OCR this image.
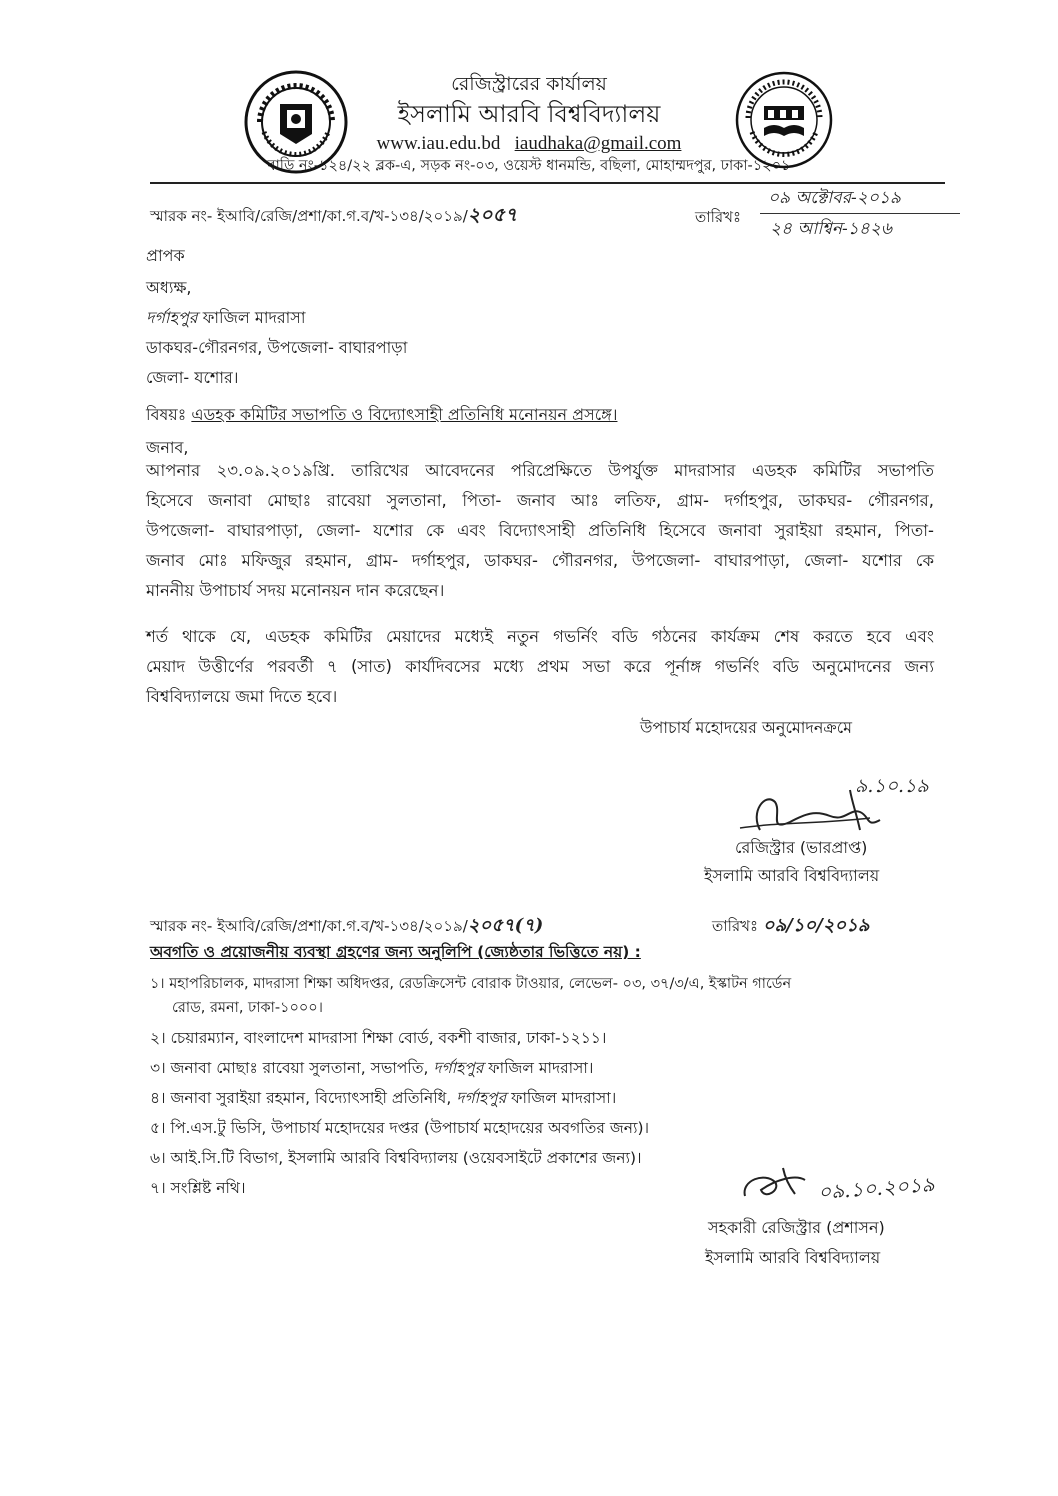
রেজিস্ট্রারের কার্যালয়
ইসলামি আরবি বিশ্ববিদ্যালয়
www.iau.edu.bd iaudhaka@gmail.com
বাড়ি নং-১২৪/২২ ব্লক-এ, সড়ক নং-০৩, ওয়েস্ট ধানমন্ডি, বছিলা, মোহাম্মদপুর, ঢাকা-১২০১
স্মারক নং- ইআবি/রেজি/প্রশা/কা.গ.ব/খ-১৩৪/২০১৯/২০৫৭	তারিখঃ
০৯ অক্টোবর-২০১৯
২৪ আশ্বিন-১৪২৬
প্রাপক
অধ্যক্ষ,
দর্গাহপুর ফাজিল মাদরাসা
ডাকঘর-গৌরনগর, উপজেলা- বাঘারপাড়া
জেলা- যশোর।
বিষয়ঃ এডহক কমিটির সভাপতি ও বিদ্যোৎসাহী প্রতিনিধি মনোনয়ন প্রসঙ্গে।
জনাব,
আপনার ২৩.০৯.২০১৯খ্রি. তারিখের আবেদনের পরিপ্রেক্ষিতে উপর্যুক্ত মাদরাসার এডহক কমিটির সভাপতি
হিসেবে জনাবা মোছাঃ রাবেয়া সুলতানা, পিতা- জনাব আঃ লতিফ, গ্রাম- দর্গাহপুর, ডাকঘর- গৌরনগর,
উপজেলা- বাঘারপাড়া, জেলা- যশোর কে এবং বিদ্যোৎসাহী প্রতিনিধি হিসেবে জনাবা সুরাইয়া রহমান, পিতা-
জনাব মোঃ মফিজুর রহমান, গ্রাম- দর্গাহপুর, ডাকঘর- গৌরনগর, উপজেলা- বাঘারপাড়া, জেলা- যশোর কে
মাননীয় উপাচার্য সদয় মনোনয়ন দান করেছেন।
শর্ত থাকে যে, এডহক কমিটির মেয়াদের মধ্যেই নতুন গভর্নিং বডি গঠনের কার্যক্রম শেষ করতে হবে এবং
মেয়াদ উত্তীর্ণের পরবর্তী ৭ (সাত) কার্যদিবসের মধ্যে প্রথম সভা করে পূর্নাঙ্গ গভর্নিং বডি অনুমোদনের জন্য
বিশ্ববিদ্যালয়ে জমা দিতে হবে।
উপাচার্য মহোদয়ের অনুমোদনক্রমে
৯.১০.১৯
রেজিস্ট্রার (ভারপ্রাপ্ত)
ইসলামি আরবি বিশ্ববিদ্যালয়
স্মারক নং- ইআবি/রেজি/প্রশা/কা.গ.ব/খ-১৩৪/২০১৯/২০৫৭(৭)	তারিখঃ ০৯/১০/২০১৯
অবগতি ও প্রয়োজনীয় ব্যবস্থা গ্রহণের জন্য অনুলিপি (জ্যেষ্ঠতার ভিত্তিতে নয়) :
১। মহাপরিচালক, মাদরাসা শিক্ষা অধিদপ্তর, রেডক্রিসেন্ট বোরাক টাওয়ার, লেভেল- ০৩, ৩৭/৩/এ, ইস্কাটন গার্ডেন
রোড, রমনা, ঢাকা-১০০০।
২। চেয়ারম্যান, বাংলাদেশ মাদরাসা শিক্ষা বোর্ড, বকশী বাজার, ঢাকা-১২১১।
৩। জনাবা মোছাঃ রাবেয়া সুলতানা, সভাপতি, দর্গাহপুর ফাজিল মাদরাসা।
৪। জনাবা সুরাইয়া রহমান, বিদ্যোৎসাহী প্রতিনিধি, দর্গাহপুর ফাজিল মাদরাসা।
৫। পি.এস.টু ভিসি, উপাচার্য মহোদয়ের দপ্তর (উপাচার্য মহোদয়ের অবগতির জন্য)।
৬। আই.সি.টি বিভাগ, ইসলামি আরবি বিশ্ববিদ্যালয় (ওয়েবসাইটে প্রকাশের জন্য)।
৭। সংশ্লিষ্ট নথি।	০৯.১০.২০১৯
সহকারী রেজিস্ট্রার (প্রশাসন)
ইসলামি আরবি বিশ্ববিদ্যালয়
